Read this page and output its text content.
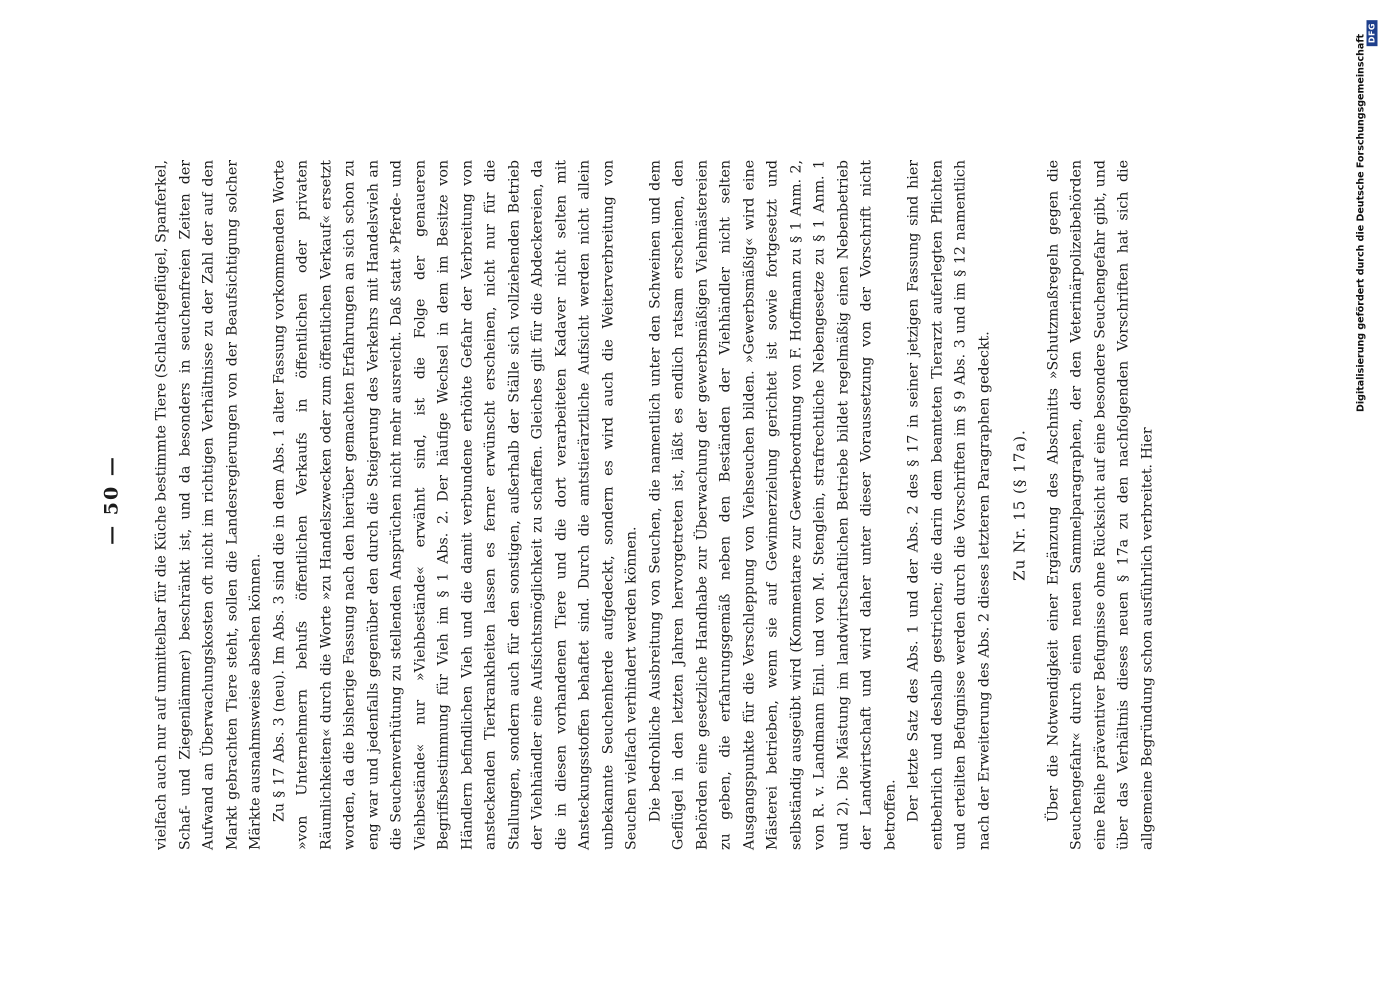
— 50 — vielfach auch nur auf unmittelbar für die Küche bestimmte Tiere (Schlachtgeflügel, Spanferkel, Schaf- und Ziegenlämmer) beschränkt ist, und da besonders in seuchenfreien Zeiten der Aufwand an Überwachungskosten oft nicht im richtigen Verhältnisse zu der Zahl der auf den Markt gebrachten Tiere steht, sollen die Landesregierungen von der Beaufsichtigung solcher Märkte ausnahmsweise absehen können. Zu § 17 Abs. 3 (neu). Im Abs. 3 sind die in dem Abs. 1 alter Fassung vorkommenden Worte »von Unternehmern behufs öffentlichen Verkaufs in öffentlichen oder privaten Räumlichkeiten« durch die Worte »zu Handelszwecken oder zum öffentlichen Verkauf« ersetzt worden, da die bisherige Fassung nach den hierüber gemachten Erfahrungen an sich schon zu eng war und jedenfalls gegenüber den durch die Steigerung des Verkehrs mit Handelsvieh an die Seuchenverhütung zu stellenden Ansprüchen nicht mehr ausreicht. Daß statt »Pferde- und Viehbestände« nur »Viehbestände« erwähnt sind, ist die Folge der genaueren Begriffsbestimmung für Vieh im § 1 Abs. 2. Der häufige Wechsel in dem im Besitze von Händlern befindlichen Vieh und die damit verbundene erhöhte Gefahr der Verbreitung von ansteckenden Tierkrankheiten lassen es ferner erwünscht erscheinen, nicht nur für die Stallungen, sondern auch für den sonstigen, außerhalb der Ställe sich vollziehenden Betrieb der Viehhändler eine Aufsichtsmöglichkeit zu schaffen. Gleiches gilt für die Abdeckereien, da die in diesen vorhandenen Tiere und die dort verarbeiteten Kadaver nicht selten mit Ansteckungsstoffen behaftet sind. Durch die amtstierärztliche Aufsicht werden nicht allein unbekannte Seuchenherde aufgedeckt, sondern es wird auch die Weiterverbreitung von Seuchen vielfach verhindert werden können. Die bedrohliche Ausbreitung von Seuchen, die namentlich unter den Schweinen und dem Geflügel in den letzten Jahren hervorgetreten ist, läßt es endlich ratsam erscheinen, den Behörden eine gesetzliche Handhabe zur Überwachung der gewerbsmäßigen Viehmästereien zu geben, die erfahrungsgemäß neben den Beständen der Viehhändler nicht selten Ausgangspunkte für die Verschleppung von Viehseuchen bilden. »Gewerbsmäßig« wird eine Mästerei betrieben, wenn sie auf Gewinnerzielung gerichtet ist sowie fortgesetzt und selbständig ausgeübt wird (Kommentare zur Gewerbeordnung von F. Hoffmann zu § 1 Anm. 2, von R. v. Landmann Einl. und von M. Stenglein, strafrechtliche Nebengesetze zu § 1 Anm. 1 und 2). Die Mästung im landwirtschaftlichen Betriebe bildet regelmäßig einen Nebenbetrieb der Landwirtschaft und wird daher unter dieser Voraussetzung von der Vorschrift nicht betroffen. Der letzte Satz des Abs. 1 und der Abs. 2 des § 17 in seiner jetzigen Fassung sind hier entbehrlich und deshalb gestrichen; die darin dem beamteten Tierarzt auferlegten Pflichten und erteilten Befugnisse werden durch die Vorschriften im § 9 Abs. 3 und im § 12 namentlich nach der Erweiterung des Abs. 2 dieses letzteren Paragraphen gedeckt.	Zu Nr. 15 (§ 17a). Über die Notwendigkeit einer Ergänzung des Abschnitts »Schutzmaßregeln gegen die Seuchengefahr« durch einen neuen Sammelparagraphen, der den Veterinärpolizeibehörden eine Reihe präventiver Befugnisse ohne Rücksicht auf eine besondere Seuchengefahr gibt, und über das Verhältnis dieses neuen § 17a zu den nachfolgenden Vorschriften hat sich die allgemeine Begründung schon ausführlich verbreitet. Hier

Digitalisierung gefördert durch die Deutsche Forschungsgemeinschaft
DFG
